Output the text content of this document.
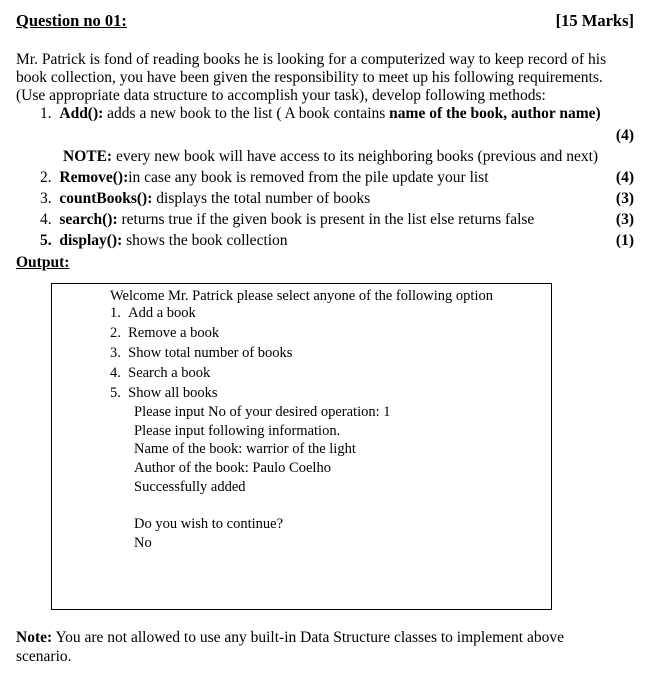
Question no 01:	[15 Marks]
Mr. Patrick is fond of reading books he is looking for a computerized way to keep record of his
book collection, you have been given the responsibility to meet up his following requirements.
(Use appropriate data structure to accomplish your task), develop following methods:
1. Add(): adds a new book to the list ( A book contains name of the book, author name)
(4)
NOTE: every new book will have access to its neighboring books (previous and next)
2. Remove():in case any book is removed from the pile update your list	(4)
3. countBooks(): displays the total number of books	(3)
4. search(): returns true if the given book is present in the list else returns false	(3)
5. display(): shows the book collection	(1)
Output:
Welcome Mr. Patrick please select anyone of the following option
1. Add a book
2. Remove a book
3. Show total number of books
4. Search a book
5. Show all books
Please input No of your desired operation: 1
Please input following information.
Name of the book: warrior of the light
Author of the book: Paulo Coelho
Successfully added
Do you wish to continue?
No
Note: You are not allowed to use any built-in Data Structure classes to implement above
scenario.
